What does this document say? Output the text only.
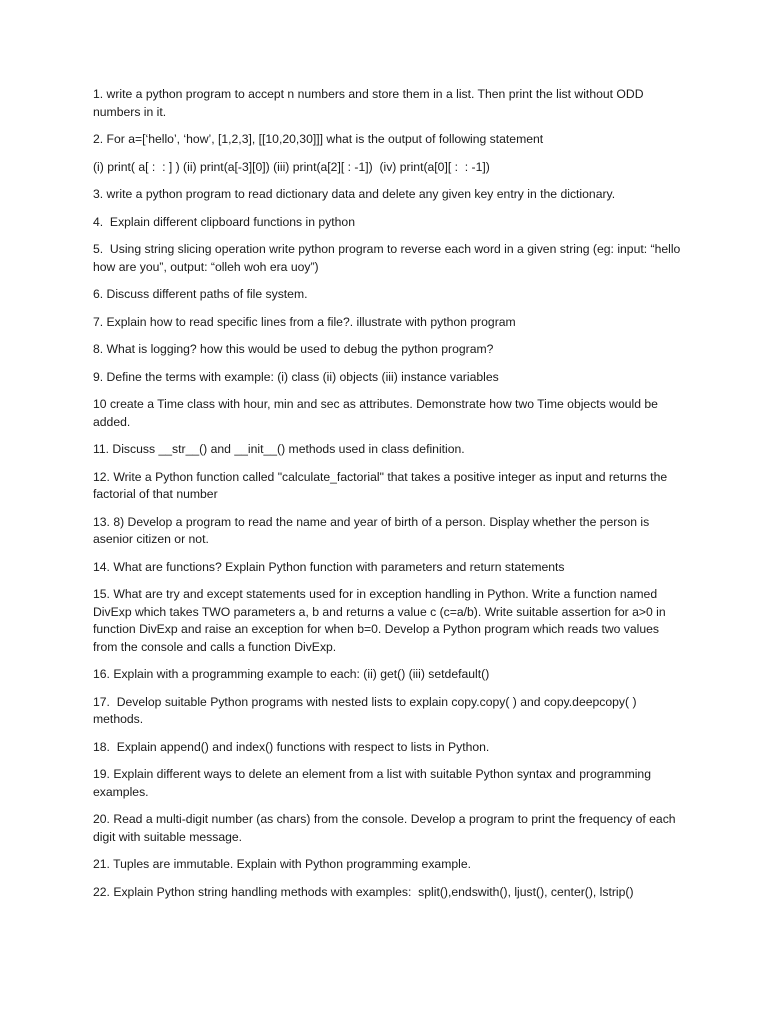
1. write a python program to accept n numbers and store them in a list. Then print the list without ODD numbers in it.

2. For a=[‘hello’, ‘how’, [1,2,3], [[10,20,30]]] what is the output of following statement

(i) print( a[ :  : ] ) (ii) print(a[-3][0]) (iii) print(a[2][ : -1])  (iv) print(a[0][ :  : -1])

3. write a python program to read dictionary data and delete any given key entry in the dictionary.

4.  Explain different clipboard functions in python

5.  Using string slicing operation write python program to reverse each word in a given string (eg: input: “hello how are you”, output: “olleh woh era uoy”)

6. Discuss different paths of file system.

7. Explain how to read specific lines from a file?. illustrate with python program

8. What is logging? how this would be used to debug the python program?

9. Define the terms with example: (i) class (ii) objects (iii) instance variables

10 create a Time class with hour, min and sec as attributes. Demonstrate how two Time objects would be added.

11. Discuss __str__() and __init__() methods used in class definition.

12. Write a Python function called "calculate_factorial" that takes a positive integer as input and returns the factorial of that number

13. 8) Develop a program to read the name and year of birth of a person. Display whether the person is asenior citizen or not.

14. What are functions? Explain Python function with parameters and return statements

15. What are try and except statements used for in exception handling in Python. Write a function named DivExp which takes TWO parameters a, b and returns a value c (c=a/b). Write suitable assertion for a>0 in function DivExp and raise an exception for when b=0. Develop a Python program which reads two values from the console and calls a function DivExp.

16. Explain with a programming example to each: (ii) get() (iii) setdefault()

17.  Develop suitable Python programs with nested lists to explain copy.copy( ) and copy.deepcopy( ) methods.

18.  Explain append() and index() functions with respect to lists in Python.

19. Explain different ways to delete an element from a list with suitable Python syntax and programming examples.

20. Read a multi-digit number (as chars) from the console. Develop a program to print the frequency of each digit with suitable message.

21. Tuples are immutable. Explain with Python programming example.

22. Explain Python string handling methods with examples:  split(),endswith(), ljust(), center(), lstrip()
